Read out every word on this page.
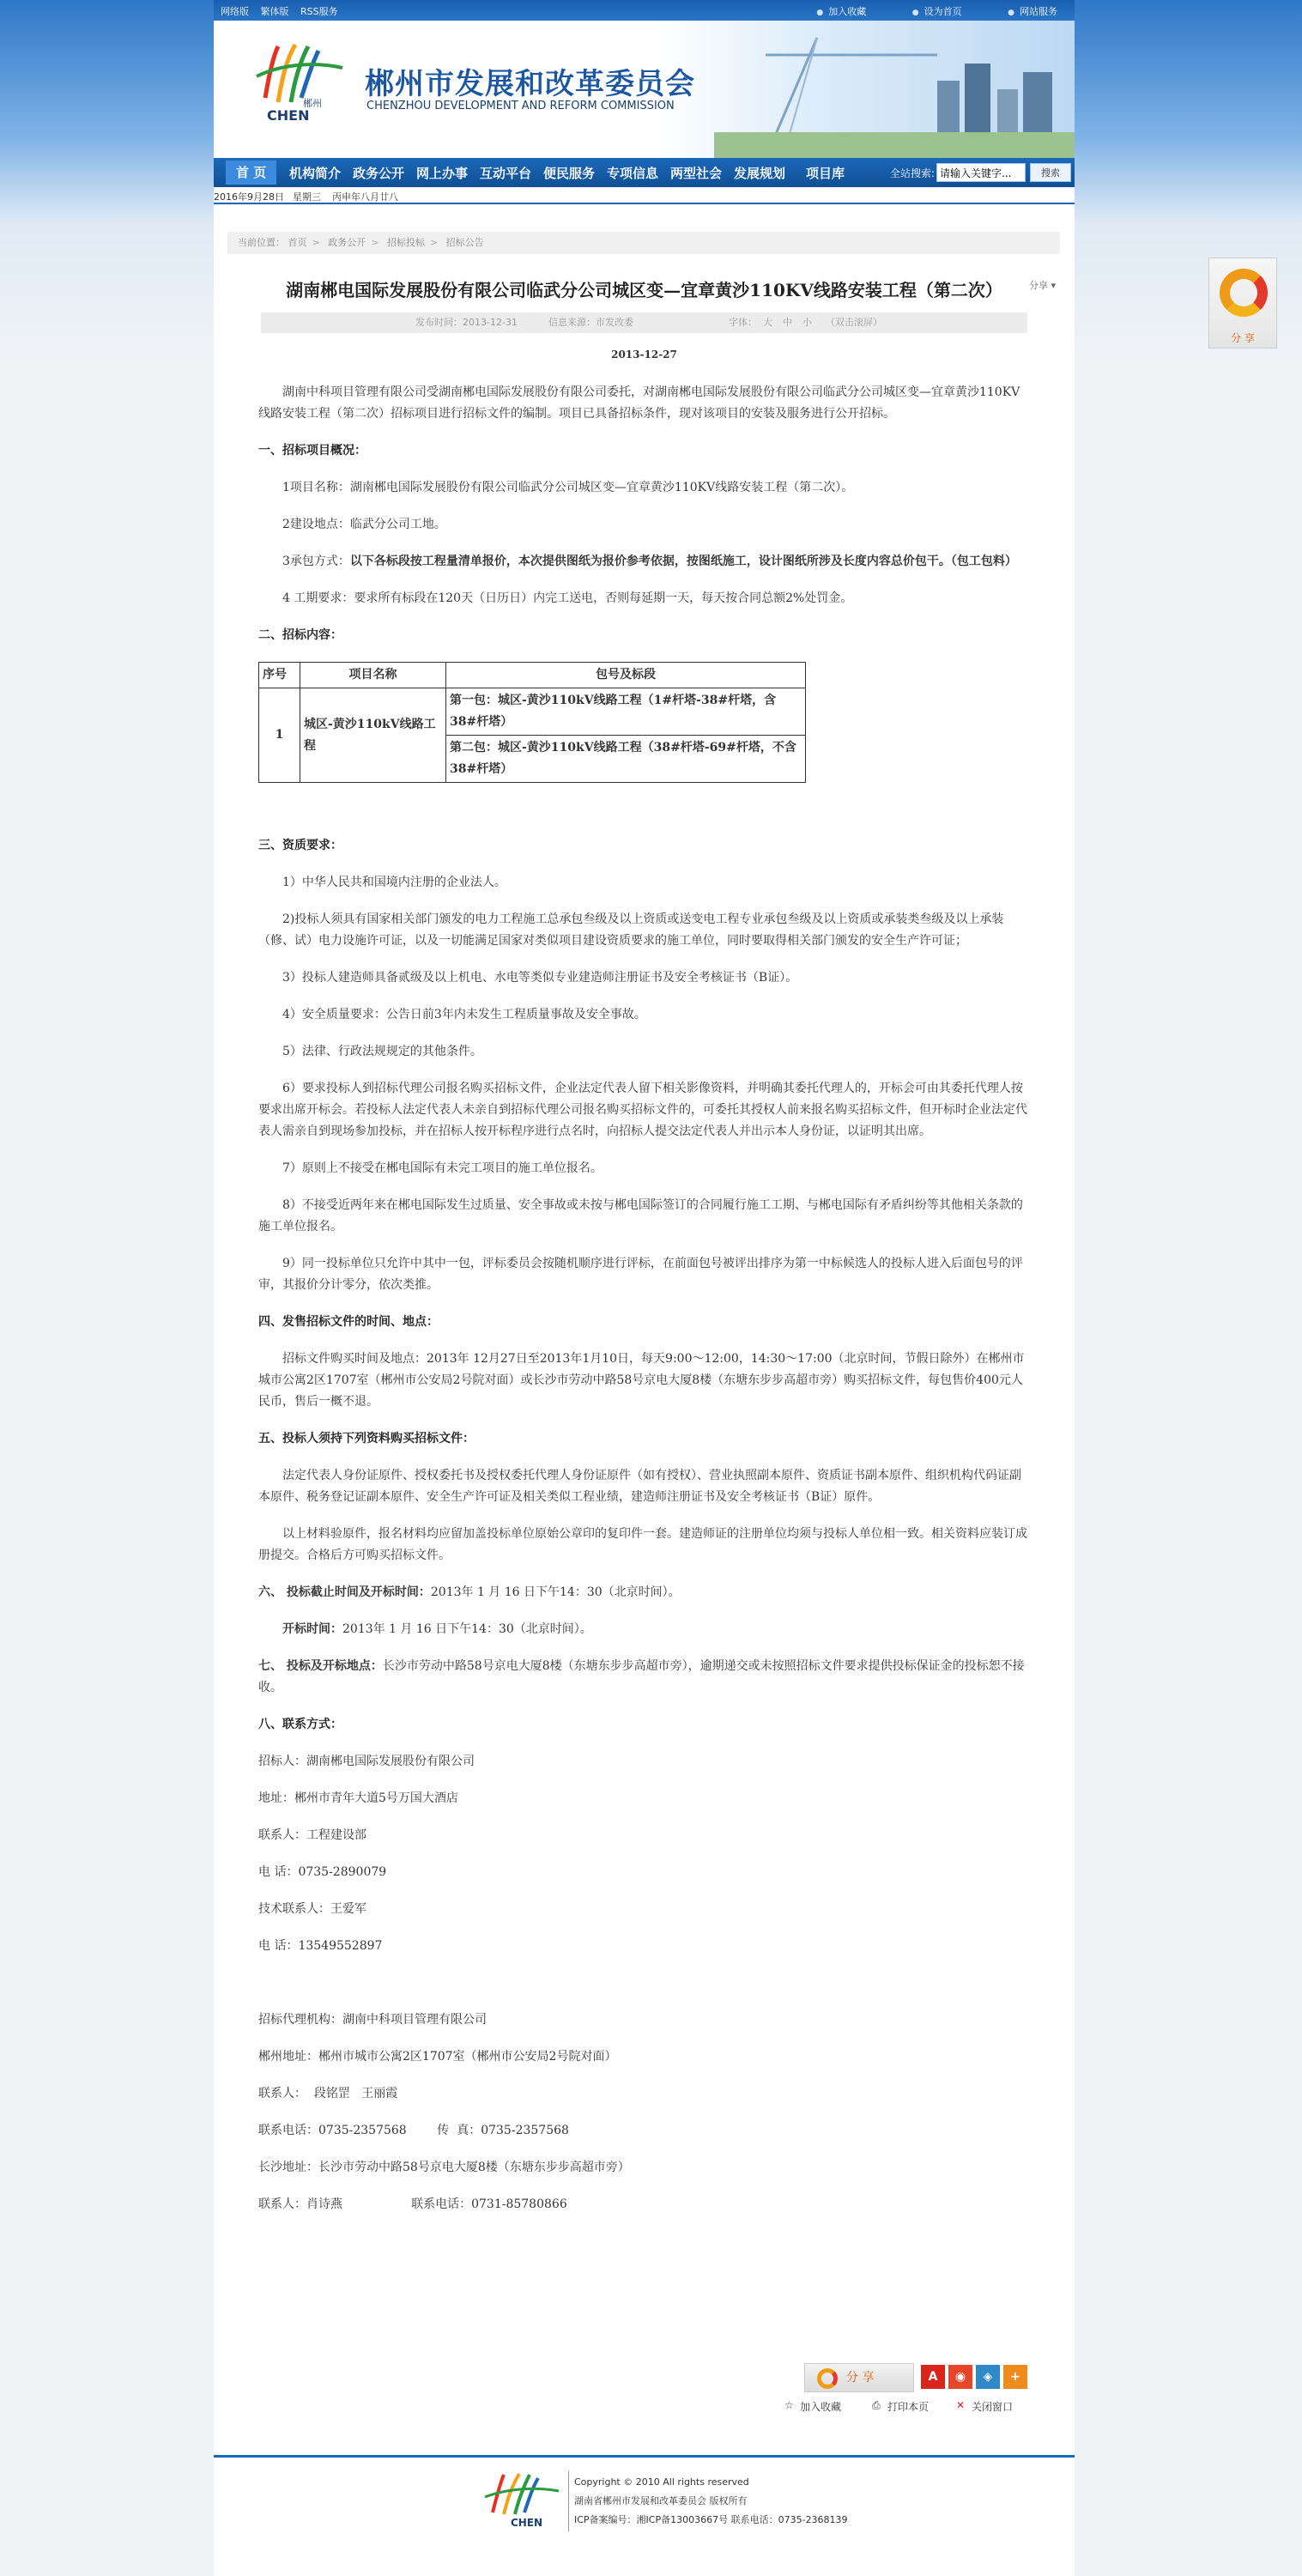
网络版 繁体版 RSS服务	● 加入收藏	● 设为首页	● 网站服务
郴州
CHEN
郴州市发展和改革委员会
CHENZHOU DEVELOPMENT AND REFORM COMMISSION
首 页	机构简介 政务公开 网上办事 互动平台 便民服务 专项信息 两型社会 发展规划 项目库	全站搜索:
请输入关键字...	搜索
2016年9月28日 星期三 丙申年八月廿八
当前位置： 首页 > 政务公开 > 招标投标 > 招标公告
湖南郴电国际发展股份有限公司临武分公司城区变—宜章黄沙110KV线路安装工程（第二次）	分享 ▾
发布时间：2013-12-31	信息来源：市发改委	字体： 大 中 小 （双击滚屏）
2013-12-27

湖南中科项目管理有限公司受湖南郴电国际发展股份有限公司委托，对湖南郴电国际发展股份有限公司临武分公司城区变—宜章黄沙110KV线路安装工程（第二次）招标项目进行招标文件的编制。项目已具备招标条件，现对该项目的安装及服务进行公开招标。

一、招标项目概况：

1项目名称：湖南郴电国际发展股份有限公司临武分公司城区变—宜章黄沙110KV线路安装工程（第二次）。

2建设地点：临武分公司工地。

3承包方式：以下各标段按工程量清单报价，本次提供图纸为报价参考依据，按图纸施工，设计图纸所涉及长度内容总价包干。（包工包料）

4 工期要求：要求所有标段在120天（日历日）内完工送电，否则每延期一天，每天按合同总额2%处罚金。

二、招标内容：

序号	项目名称	包号及标段
1	城区-黄沙110kV线路工程	第一包：城区-黄沙110kV线路工程（1#杆塔-38#杆塔，含38#杆塔）
		第二包：城区-黄沙110kV线路工程（38#杆塔-69#杆塔，不含38#杆塔）

三、资质要求：

1）中华人民共和国境内注册的企业法人。

2)投标人须具有国家相关部门颁发的电力工程施工总承包叁级及以上资质或送变电工程专业承包叁级及以上资质或承装类叁级及以上承装（修、试）电力设施许可证，以及一切能满足国家对类似项目建设资质要求的施工单位，同时要取得相关部门颁发的安全生产许可证；

3）投标人建造师具备贰级及以上机电、水电等类似专业建造师注册证书及安全考核证书（B证）。

4）安全质量要求：公告日前3年内未发生工程质量事故及安全事故。

5）法律、行政法规规定的其他条件。

6）要求投标人到招标代理公司报名购买招标文件，企业法定代表人留下相关影像资料，并明确其委托代理人的，开标会可由其委托代理人按要求出席开标会。若投标人法定代表人未亲自到招标代理公司报名购买招标文件的，可委托其授权人前来报名购买招标文件，但开标时企业法定代表人需亲自到现场参加投标，并在招标人按开标程序进行点名时，向招标人提交法定代表人并出示本人身份证，以证明其出席。

7）原则上不接受在郴电国际有未完工项目的施工单位报名。

8）不接受近两年来在郴电国际发生过质量、安全事故或未按与郴电国际签订的合同履行施工工期、与郴电国际有矛盾纠纷等其他相关条款的施工单位报名。

9）同一投标单位只允许中其中一包，评标委员会按随机顺序进行评标，在前面包号被评出排序为第一中标候选人的投标人进入后面包号的评审，其报价分计零分，依次类推。

四、发售招标文件的时间、地点：

招标文件购买时间及地点：2013年 12月27日至2013年1月10日，每天9:00～12:00，14:30～17:00（北京时间，节假日除外）在郴州市城市公寓2区1707室（郴州市公安局2号院对面）或长沙市劳动中路58号京电大厦8楼（东塘东步步高超市旁）购买招标文件，每包售价400元人民币，售后一概不退。

五、投标人须持下列资料购买招标文件：

法定代表人身份证原件、授权委托书及授权委托代理人身份证原件（如有授权）、营业执照副本原件、资质证书副本原件、组织机构代码证副本原件、税务登记证副本原件、安全生产许可证及相关类似工程业绩，建造师注册证书及安全考核证书（B证）原件。

以上材料验原件，报名材料均应留加盖投标单位原始公章印的复印件一套。建造师证的注册单位均须与投标人单位相一致。相关资料应装订成册提交。合格后方可购买招标文件。

六、 投标截止时间及开标时间：2013年 1 月 16 日下午14：30（北京时间）。

开标时间：2013年 1 月 16 日下午14：30（北京时间）。

七、 投标及开标地点：长沙市劳动中路58号京电大厦8楼（东塘东步步高超市旁），逾期递交或未按照招标文件要求提供投标保证金的投标恕不接收。

八、联系方式：

招标人：湖南郴电国际发展股份有限公司

地址：郴州市青年大道5号万国大酒店

联系人：工程建设部

电 话：0735-2890079

技术联系人：王爱军

电 话：13549552897

招标代理机构：湖南中科项目管理有限公司

郴州地址：郴州市城市公寓2区1707室（郴州市公安局2号院对面）

联系人：  段铭罡   王丽霞

联系电话：0735-2357568        传  真：0735-2357568

长沙地址：长沙市劳动中路58号京电大厦8楼（东塘东步步高超市旁）

联系人：肖诗燕                  联系电话：0731-85780866

分 享	A	◉	◈	+
☆ 加入收藏	⎙ 打印本页	✕ 关闭窗口
CHEN
Copyright © 2010 All rights reserved
湖南省郴州市发展和改革委员会 版权所有
ICP备案编号：湘ICP备13003667号 联系电话：0735-2368139
分 享
